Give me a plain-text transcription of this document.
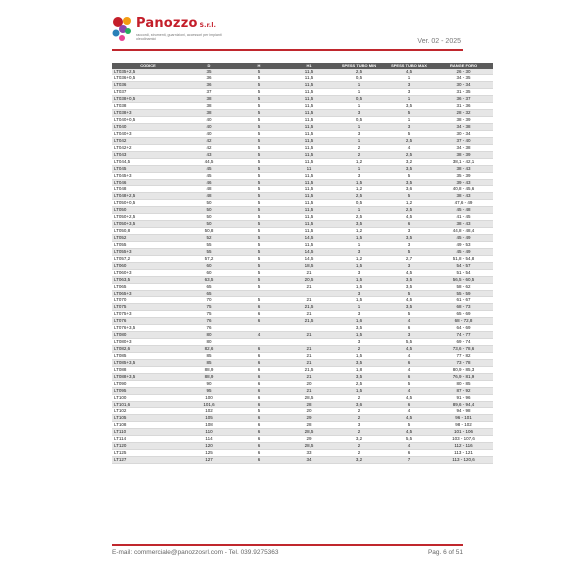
Panozzo S.r.l.
raccordi, strumenti, guarnizioni, accessori per impianti oleodinamici	Ver. 02 - 2025
CODICE	D	H	H1	SPESS TUBO MIN	SPESS TUBO MAX	RANGE FORO
LT035+2,5	35	5	11,5	2,5	4,5	26 - 30
LT036+0,5	36	5	11,5	0,5	1	34 - 35
LT036	36	5	11,5	1	3	30 - 34
LT037	37	5	11,5	1	3	31 - 35
LT038+0,5	38	5	11,5	0,5	1	36 - 37
LT038	38	5	11,5	1	3,5	31 - 36
LT038+3	38	5	11,5	3	5	28 - 32
LT040+0,5	40	5	11,5	0,5	1	38 - 39
LT040	40	5	11,5	1	3	34 - 38
LT040+3	40	5	11,5	3	5	30 - 34
LT042	42	5	11,5	1	2,5	37 - 40
LT042+2	42	5	11,5	2	4	34 - 38
LT043	43	5	11,5	2	2,5	38 - 39
LT044,5	44,5	5	11,5	1,2	3,2	38,1 - 42,1
LT045	45	5	11	1	3,5	38 - 43
LT045+3	45	5	11,5	3	5	35 - 39
LT046	46	5	11,5	1,5	3,5	39 - 43
LT048	48	5	11,5	1,2	3,6	40,8 - 45,6
LT048+2,5	48	5	11,5	2,5	5	38 - 43
LT050+0,5	50	5	11,5	0,5	1,2	47,6 - 49
LT050	50	5	11,5	1	2,5	45 - 48
LT050+2,5	50	5	11,5	2,5	4,5	41 - 45
LT050+3,5	50	5	11,5	3,5	6	38 - 43
LT050,8	50,8	5	11,5	1,2	3	44,8 - 48,4
LT052	52	5	14,5	1,5	3,5	45 - 49
LT055	55	5	11,5	1	3	49 - 53
LT055+3	55	5	14,5	3	5	45 - 49
LT057,2	57,2	5	14,5	1,2	2,7	51,8 - 54,8
LT060	60	5	18,5	1,5	3	54 - 57
LT060+3	60	5	21	3	4,5	51 - 54
LT063,5	63,5	5	20,5	1,5	3,5	56,5 - 60,5
LT065	65	5	21	1,5	3,5	58 - 62
LT065+3	65			3	5	55 - 59
LT070	70	5	21	1,5	4,5	61 - 67
LT075	75	6	21,5	1	3,5	68 - 73
LT075+3	75	6	21	3	5	65 - 69
LT076	76	6	21,5	1,6	4	68 - 72,8
LT076+3,5	76			3,5	6	64 - 69
LT080	80	4	21	1,5	3	74 - 77
LT080+3	80			3	5,5	69 - 74
LT082,6	82,6	6	21	2	4,5	73,6 - 78,6
LT085	85	6	21	1,5	4	77 - 82
LT085+3,5	85	6	21	3,5	6	73 - 78
LT088	88,9	6	21,5	1,8	4	80,9 - 85,3
LT088+3,5	88,9	6	21	3,5	6	76,9 - 81,9
LT090	90	6	20	2,5	5	80 - 85
LT095	95	6	21	1,5	4	87 - 92
LT100	100	6	28,5	2	4,5	91 - 96
LT101,6	101,6	6	28	3,6	6	89,6 - 94,4
LT102	102	5	20	2	4	94 - 98
LT105	105	6	29	2	4,5	96 - 101
LT108	108	6	28	3	5	98 - 102
LT110	110	6	28,5	2	4,5	101 - 106
LT114	114	6	29	3,2	5,5	103 - 107,6
LT120	120	6	28,5	2	4	112 - 116
LT125	125	6	33	2	6	113 - 121
LT127	127	6	34	3,2	7	113 - 120,6
E-mail: commerciale@panozzosrl.com - Tel. 039.9275363	Pag. 6 of 51
